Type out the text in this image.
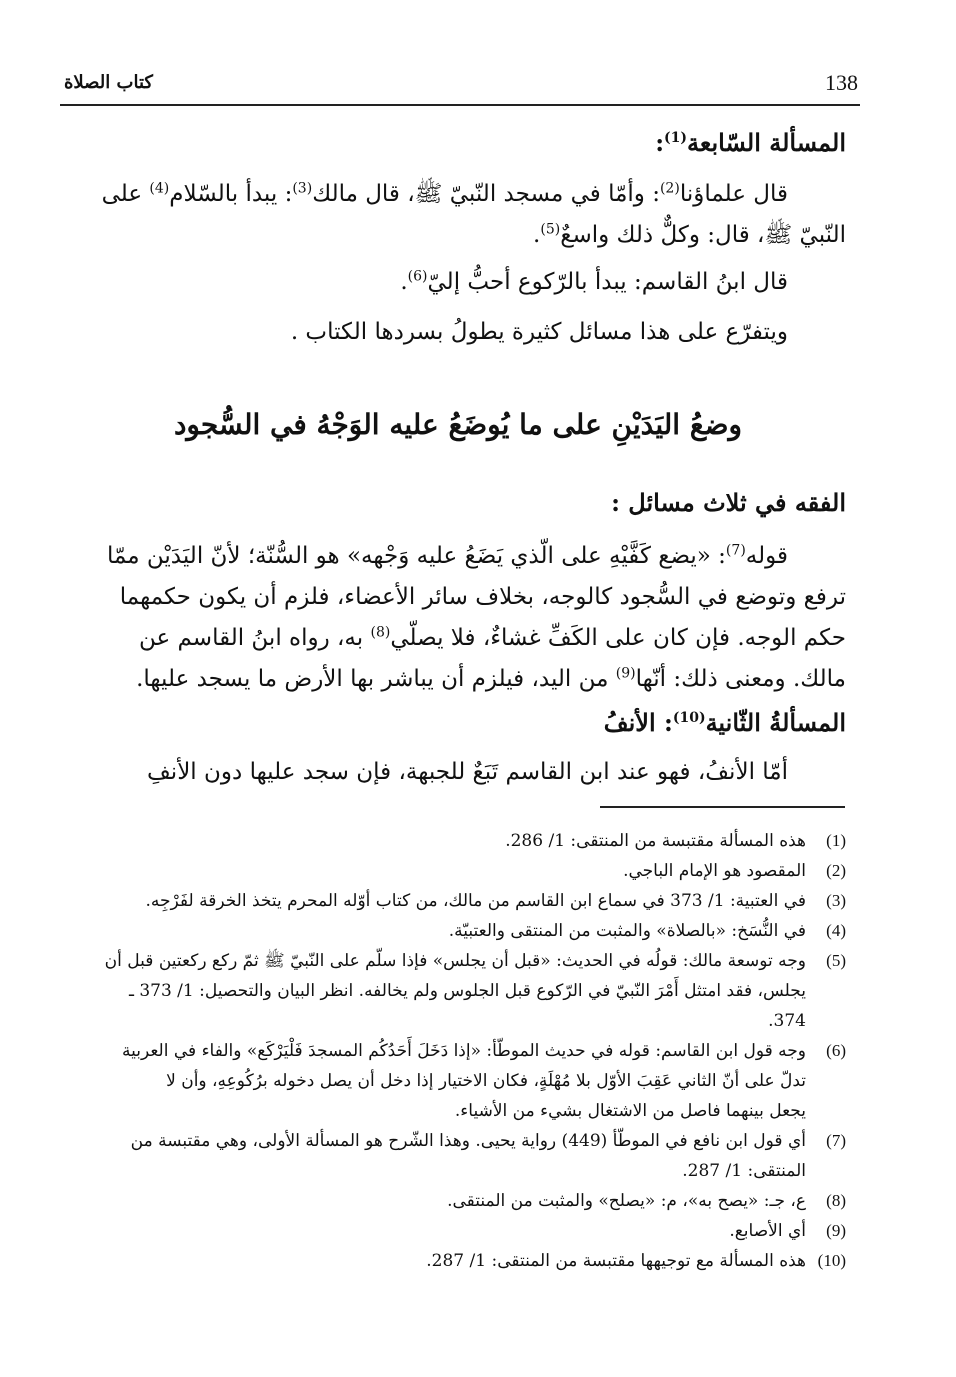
138
كتاب الصلاة
المسألة السّابعة$^{(1)}$:
قال علماؤنا$^{(2)}$: وأمّا في مسجد النّبيّ ﷺ، قال مالك$^{(3)}$: يبدأ بالسّلام$^{(4)}$ على
النّبيّ ﷺ، قال: وكلٌّ ذلك واسعٌ$^{(5)}$.
قال ابنُ القاسم: يبدأ بالرّكوع أحبُّ إليّ$^{(6)}$.
ويتفرّع على هذا مسائل كثيرة يطولُ بسردها الكتاب .
وضعُ اليَدَيْنِ على ما يُوضَعُ عليه الوَجْهُ في السُّجود
الفقه في ثلاث مسائل :
قوله$^{(7)}$: «يضع كَفَّيْهِ على الّذي يَضَعُ عليه وَجْهه» هو السُّنّة؛ لأنّ اليَدَيْن ممّا
ترفع وتوضع في السُّجود كالوجه، بخلاف سائر الأعضاء، فلزم أن يكون حكمهما
حكم الوجه. فإن كان على الكَفِّ غشاءٌ، فلا يصلّي$^{(8)}$ به، رواه ابنُ القاسم عن
مالك. ومعنى ذلك: أنّها$^{(9)}$ من اليد، فيلزم أن يباشر بها الأرض ما يسجد عليها.
المسألةُ الثّانية$^{(10)}$: الأنفُ
أمّا الأنفُ، فهو عند ابن القاسم تَبَعٌ للجبهة، فإن سجد عليها دون الأنفِ
(1)
هذه المسألة مقتبسة من المنتقى: 1/ 286.
(2)
المقصود هو الإمام الباجي.
(3)
في العتبية: 1/ 373 في سماع ابن القاسم من مالك، من كتاب أوّله المحرم يتخذ الخرقة لفَرْجِه.
(4)
في النُّسَخ: «بالصلاة» والمثبت من المنتقى والعتبيّة.
(5)
وجه توسعة مالك: قولُه في الحديث: «قبل أن يجلس» فإذا سلّم على النّبيّ ﷺ ثمّ ركع ركعتين قبل أن
يجلس، فقد امتثل أَمْرَ النّبيّ في الرّكوع قبل الجلوس ولم يخالفه. انظر البيان والتحصيل: 1/ 373 ـ
374.
(6)
وجه قول ابن القاسم: قوله في حديث الموطّأ: «إذا دَخَلَ أَحَدُكُم المسجدَ فَلْيَرْكَع» والفاء في العربية
تدلّ على أنّ الثاني عَقِبَ الأوّل بلا مُهْلَةٍ، فكان الاختيار إذا دخل أن يصل دخوله برُكُوعِهِ، وأن لا
يجعل بينهما فاصل من الاشتغال بشيء من الأشياء.
(7)
أي قول ابن نافع في الموطّأ (449) رواية يحيى. وهذا الشّرح هو المسألة الأولى، وهي مقتبسة من
المنتقى: 1/ 287.
(8)
ع، جـ: «يصح به»، م: «يصلح» والمثبت من المنتقى.
(9)
أي الأصابع.
(10)
هذه المسألة مع توجيهها مقتبسة من المنتقى: 1/ 287.
